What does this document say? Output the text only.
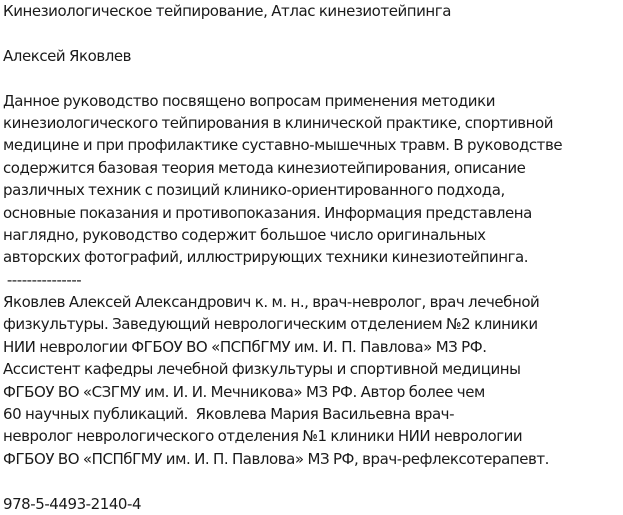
Кинезиологическое тейпирование, Атлас кинезиотейпинга
Алексей Яковлев
Данное руководство посвящено вопросам применения методики
кинезиологического тейпирования в клинической практике, спортивной
медицине и при профилактике суставно-мышечных травм. В руководстве
содержится базовая теория метода кинезиотейпирования, описание
различных техник с позиций клинико-ориентированного подхода,
основные показания и противопоказания. Информация представлена
наглядно, руководство содержит большое число оригинальных
авторских фотографий, иллюстрирующих техники кинезиотейпинга.
---------------
Яковлев Алексей Александрович к. м. н., врач-невролог, врач лечебной
физкультуры. Заведующий неврологическим отделением №2 клиники
НИИ неврологии ФГБОУ ВО «ПСПбГМУ им. И. П. Павлова» МЗ РФ.
Ассистент кафедры лечебной физкультуры и спортивной медицины
ФГБОУ ВО «СЗГМУ им. И. И. Мечникова» МЗ РФ. Автор более чем
60 научных публикаций.  Яковлева Мария Васильевна врач-
невролог неврологического отделения №1 клиники НИИ неврологии
ФГБОУ ВО «ПСПбГМУ им. И. П. Павлова» МЗ РФ, врач-рефлексотерапевт.
978-5-4493-2140-4
